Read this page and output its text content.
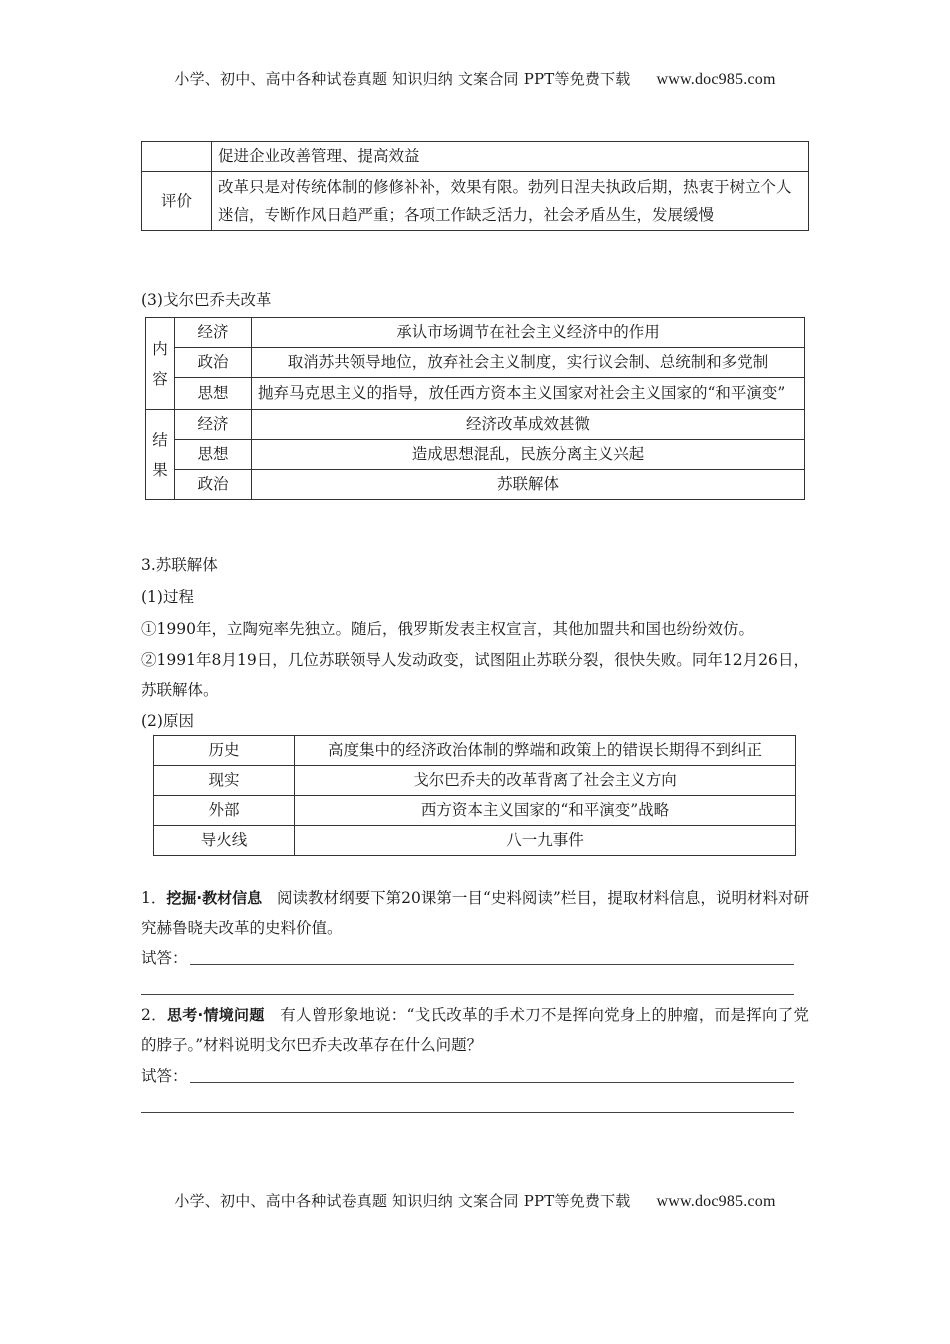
小学、初中、高中各种试卷真题 知识归纳 文案合同 PPT等免费下载 www.doc985.com
	促进企业改善管理、提高效益
评价	改革只是对传统体制的修修补补，效果有限。勃列日涅夫执政后期，热衷于树立个人迷信，专断作风日趋严重；各项工作缺乏活力，社会矛盾丛生，发展缓慢
(3)戈尔巴乔夫改革
内容	经济	承认市场调节在社会主义经济中的作用
	政治	取消苏共领导地位，放弃社会主义制度，实行议会制、总统制和多党制
	思想	抛弃马克思主义的指导，放任西方资本主义国家对社会主义国家的“和平演变”
结果	经济	经济改革成效甚微
	思想	造成思想混乱，民族分离主义兴起
	政治	苏联解体
3.苏联解体
(1)过程
①1990年，立陶宛率先独立。随后，俄罗斯发表主权宣言，其他加盟共和国也纷纷效仿。
②1991年8月19日，几位苏联领导人发动政变，试图阻止苏联分裂，很快失败。同年12月26日，苏联解体。
(2)原因
历史	高度集中的经济政治体制的弊端和政策上的错误长期得不到纠正
现实	戈尔巴乔夫的改革背离了社会主义方向
外部	西方资本主义国家的“和平演变”战略
导火线	八一九事件
1．挖掘·教材信息 阅读教材纲要下第20课第一目“史料阅读”栏目，提取材料信息，说明材料对研究赫鲁晓夫改革的史料价值。
试答：
2．思考·情境问题 有人曾形象地说：“戈氏改革的手术刀不是挥向党身上的肿瘤，而是挥向了党的脖子。”材料说明戈尔巴乔夫改革存在什么问题？
试答：
小学、初中、高中各种试卷真题 知识归纳 文案合同 PPT等免费下载 www.doc985.com
